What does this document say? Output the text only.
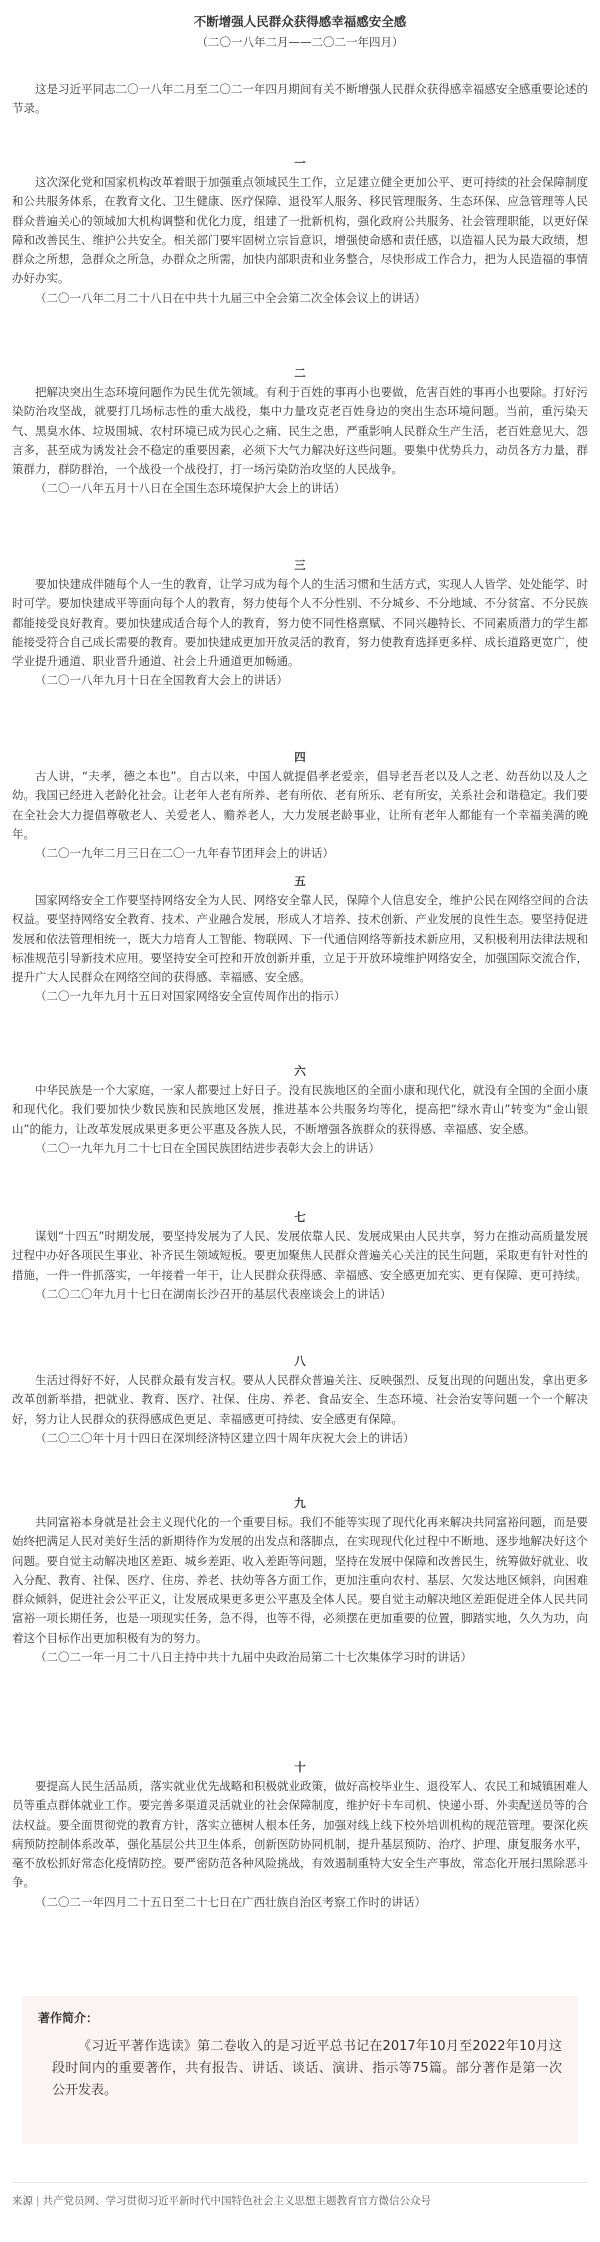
不断增强人民群众获得感幸福感安全感
（二〇一八年二月——二〇二一年四月）

这是习近平同志二〇一八年二月至二〇二一年四月期间有关不断增强人民群众获得感幸福感安全感重要论述的节录。

一

这次深化党和国家机构改革着眼于加强重点领域民生工作，立足建立健全更加公平、更可持续的社会保障制度和公共服务体系，在教育文化、卫生健康、医疗保障、退役军人服务、移民管理服务、生态环保、应急管理等人民群众普遍关心的领域加大机构调整和优化力度，组建了一批新机构，强化政府公共服务、社会管理职能，以更好保障和改善民生、维护公共安全。相关部门要牢固树立宗旨意识，增强使命感和责任感，以造福人民为最大政绩，想群众之所想，急群众之所急，办群众之所需，加快内部职责和业务整合，尽快形成工作合力，把为人民造福的事情办好办实。

（二〇一八年二月二十八日在中共十九届三中全会第二次全体会议上的讲话）

二

把解决突出生态环境问题作为民生优先领域。有利于百姓的事再小也要做，危害百姓的事再小也要除。打好污染防治攻坚战，就要打几场标志性的重大战役，集中力量攻克老百姓身边的突出生态环境问题。当前，重污染天气、黑臭水体、垃圾围城、农村环境已成为民心之痛、民生之患，严重影响人民群众生产生活，老百姓意见大、怨言多，甚至成为诱发社会不稳定的重要因素，必须下大气力解决好这些问题。要集中优势兵力，动员各方力量，群策群力，群防群治，一个战役一个战役打，打一场污染防治攻坚的人民战争。

（二〇一八年五月十八日在全国生态环境保护大会上的讲话）

三

要加快建成伴随每个人一生的教育，让学习成为每个人的生活习惯和生活方式，实现人人皆学、处处能学、时时可学。要加快建成平等面向每个人的教育，努力使每个人不分性别、不分城乡、不分地域、不分贫富、不分民族都能接受良好教育。要加快建成适合每个人的教育，努力使不同性格禀赋、不同兴趣特长、不同素质潜力的学生都能接受符合自己成长需要的教育。要加快建成更加开放灵活的教育，努力使教育选择更多样、成长道路更宽广，使学业提升通道、职业晋升通道、社会上升通道更加畅通。

（二〇一八年九月十日在全国教育大会上的讲话）

四

古人讲，“夫孝，德之本也”。自古以来，中国人就提倡孝老爱亲，倡导老吾老以及人之老、幼吾幼以及人之幼。我国已经进入老龄化社会。让老年人老有所养、老有所依、老有所乐、老有所安，关系社会和谐稳定。我们要在全社会大力提倡尊敬老人、关爱老人、赡养老人，大力发展老龄事业，让所有老年人都能有一个幸福美满的晚年。

（二〇一九年二月三日在二〇一九年春节团拜会上的讲话）

五

国家网络安全工作要坚持网络安全为人民、网络安全靠人民，保障个人信息安全，维护公民在网络空间的合法权益。要坚持网络安全教育、技术、产业融合发展，形成人才培养、技术创新、产业发展的良性生态。要坚持促进发展和依法管理相统一，既大力培育人工智能、物联网、下一代通信网络等新技术新应用，又积极利用法律法规和标准规范引导新技术应用。要坚持安全可控和开放创新并重，立足于开放环境维护网络安全，加强国际交流合作，提升广大人民群众在网络空间的获得感、幸福感、安全感。

（二〇一九年九月十五日对国家网络安全宣传周作出的指示）

六

中华民族是一个大家庭，一家人都要过上好日子。没有民族地区的全面小康和现代化，就没有全国的全面小康和现代化。我们要加快少数民族和民族地区发展，推进基本公共服务均等化，提高把“绿水青山”转变为“金山银山”的能力，让改革发展成果更多更公平惠及各族人民，不断增强各族群众的获得感、幸福感、安全感。

（二〇一九年九月二十七日在全国民族团结进步表彰大会上的讲话）

七

谋划“十四五”时期发展，要坚持发展为了人民、发展依靠人民、发展成果由人民共享，努力在推动高质量发展过程中办好各项民生事业、补齐民生领域短板。要更加聚焦人民群众普遍关心关注的民生问题，采取更有针对性的措施，一件一件抓落实，一年接着一年干，让人民群众获得感、幸福感、安全感更加充实、更有保障、更可持续。

（二〇二〇年九月十七日在湖南长沙召开的基层代表座谈会上的讲话）

八

生活过得好不好，人民群众最有发言权。要从人民群众普遍关注、反映强烈、反复出现的问题出发，拿出更多改革创新举措，把就业、教育、医疗、社保、住房、养老、食品安全、生态环境、社会治安等问题一个一个解决好，努力让人民群众的获得感成色更足、幸福感更可持续、安全感更有保障。

（二〇二〇年十月十四日在深圳经济特区建立四十周年庆祝大会上的讲话）

九

共同富裕本身就是社会主义现代化的一个重要目标。我们不能等实现了现代化再来解决共同富裕问题，而是要始终把满足人民对美好生活的新期待作为发展的出发点和落脚点，在实现现代化过程中不断地、逐步地解决好这个问题。要自觉主动解决地区差距、城乡差距、收入差距等问题，坚持在发展中保障和改善民生，统筹做好就业、收入分配、教育、社保、医疗、住房、养老、扶幼等各方面工作，更加注重向农村、基层、欠发达地区倾斜，向困难群众倾斜，促进社会公平正义，让发展成果更多更公平惠及全体人民。要自觉主动解决地区差距促进全体人民共同富裕一项长期任务，也是一项现实任务，急不得，也等不得，必须摆在更加重要的位置，脚踏实地，久久为功，向着这个目标作出更加积极有为的努力。

（二〇二一年一月二十八日主持中共十九届中央政治局第二十七次集体学习时的讲话）

十

要提高人民生活品质，落实就业优先战略和积极就业政策，做好高校毕业生、退役军人、农民工和城镇困难人员等重点群体就业工作。要完善多渠道灵活就业的社会保障制度，维护好卡车司机、快递小哥、外卖配送员等的合法权益。要全面贯彻党的教育方针，落实立德树人根本任务，加强对线上线下校外培训机构的规范管理。要深化疾病预防控制体系改革，强化基层公共卫生体系，创新医防协同机制，提升基层预防、治疗、护理、康复服务水平，毫不放松抓好常态化疫情防控。要严密防范各种风险挑战，有效遏制重特大安全生产事故，常态化开展扫黑除恶斗争。

（二〇二一年四月二十五日至二十七日在广西壮族自治区考察工作时的讲话）

著作简介：

《习近平著作选读》第二卷收入的是习近平总书记在2017年10月至2022年10月这段时间内的重要著作，共有报告、讲话、谈话、演讲、指示等75篇。部分著作是第一次公开发表。

来源 | 共产党员网、学习贯彻习近平新时代中国特色社会主义思想主题教育官方微信公众号
